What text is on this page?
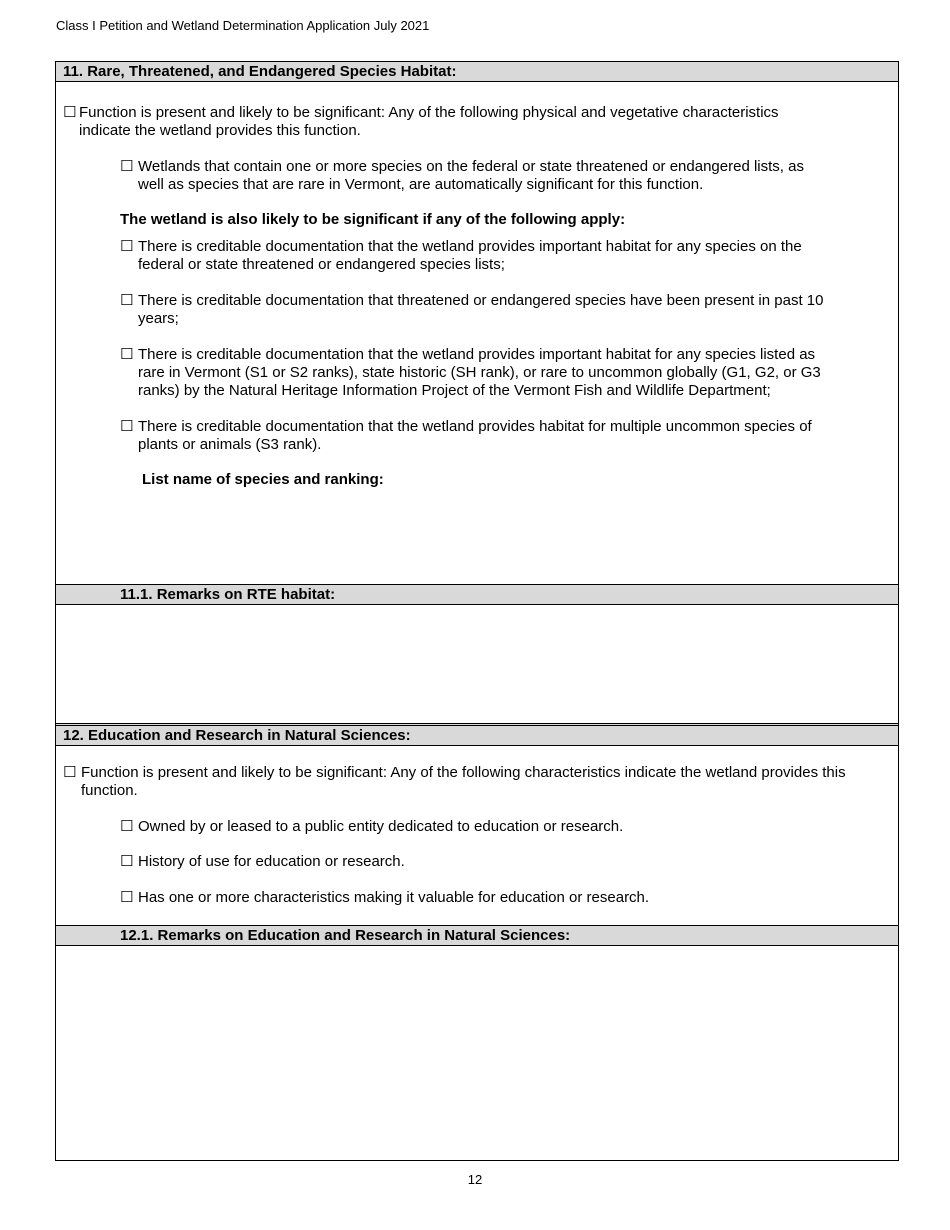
Class I Petition and Wetland Determination Application July 2021
11. Rare, Threatened, and Endangered Species Habitat:
☐ Function is present and likely to be significant: Any of the following physical and vegetative characteristics indicate the wetland provides this function.
☐ Wetlands that contain one or more species on the federal or state threatened or endangered lists, as well as species that are rare in Vermont, are automatically significant for this function.
The wetland is also likely to be significant if any of the following apply:
☐ There is creditable documentation that the wetland provides important habitat for any species on the federal or state threatened or endangered species lists;
☐ There is creditable documentation that threatened or endangered species have been present in past 10 years;
☐ There is creditable documentation that the wetland provides important habitat for any species listed as rare in Vermont (S1 or S2 ranks), state historic (SH rank), or rare to uncommon globally (G1, G2, or G3 ranks) by the Natural Heritage Information Project of the Vermont Fish and Wildlife Department;
☐ There is creditable documentation that the wetland provides habitat for multiple uncommon species of plants or animals (S3 rank).
List name of species and ranking:
11.1. Remarks on RTE habitat:
12. Education and Research in Natural Sciences:
☐ Function is present and likely to be significant: Any of the following characteristics indicate the wetland provides this function.
☐ Owned by or leased to a public entity dedicated to education or research.
☐ History of use for education or research.
☐ Has one or more characteristics making it valuable for education or research.
12.1. Remarks on Education and Research in Natural Sciences:
12
